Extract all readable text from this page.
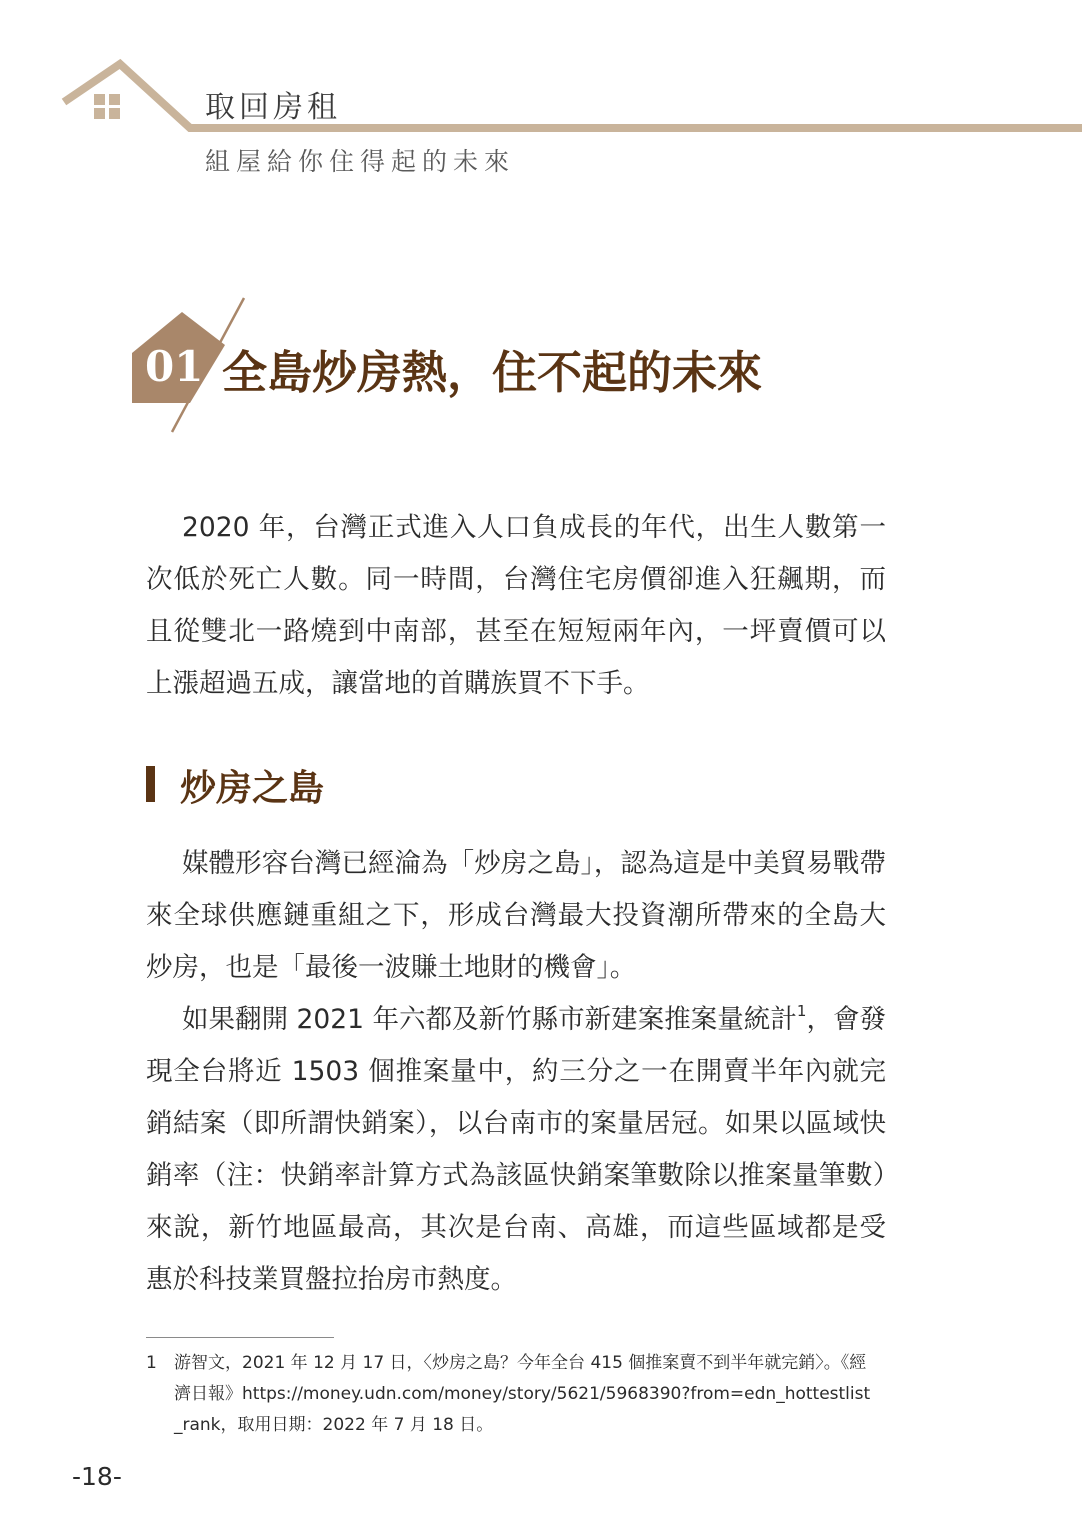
取回房租
組屋給你住得起的未來
01 全島炒房熱，住不起的未來

2020 年，台灣正式進入人口負成長的年代，出生人數第一次低於死亡人數。同一時間，台灣住宅房價卻進入狂飆期，而且從雙北一路燒到中南部，甚至在短短兩年內，一坪賣價可以上漲超過五成，讓當地的首購族買不下手。

炒房之島

媒體形容台灣已經淪為「炒房之島」，認為這是中美貿易戰帶來全球供應鏈重組之下，形成台灣最大投資潮所帶來的全島大炒房，也是「最後一波賺土地財的機會」。

如果翻開 2021 年六都及新竹縣市新建案推案量統計$^1$，會發現全台將近 1503 個推案量中，約三分之一在開賣半年內就完銷結案（即所謂快銷案），以台南市的案量居冠。如果以區域快銷率（注：快銷率計算方式為該區快銷案筆數除以推案量筆數）來說，新竹地區最高，其次是台南、高雄，而這些區域都是受惠於科技業買盤拉抬房市熱度。

1 游智文，2021 年 12 月 17 日，〈炒房之島？今年全台 415 個推案賣不到半年就完銷〉。《經濟日報》https://money.udn.com/money/story/5621/5968390?from=edn_hottestlist_rank，取用日期：2022 年 7 月 18 日。

-18-
